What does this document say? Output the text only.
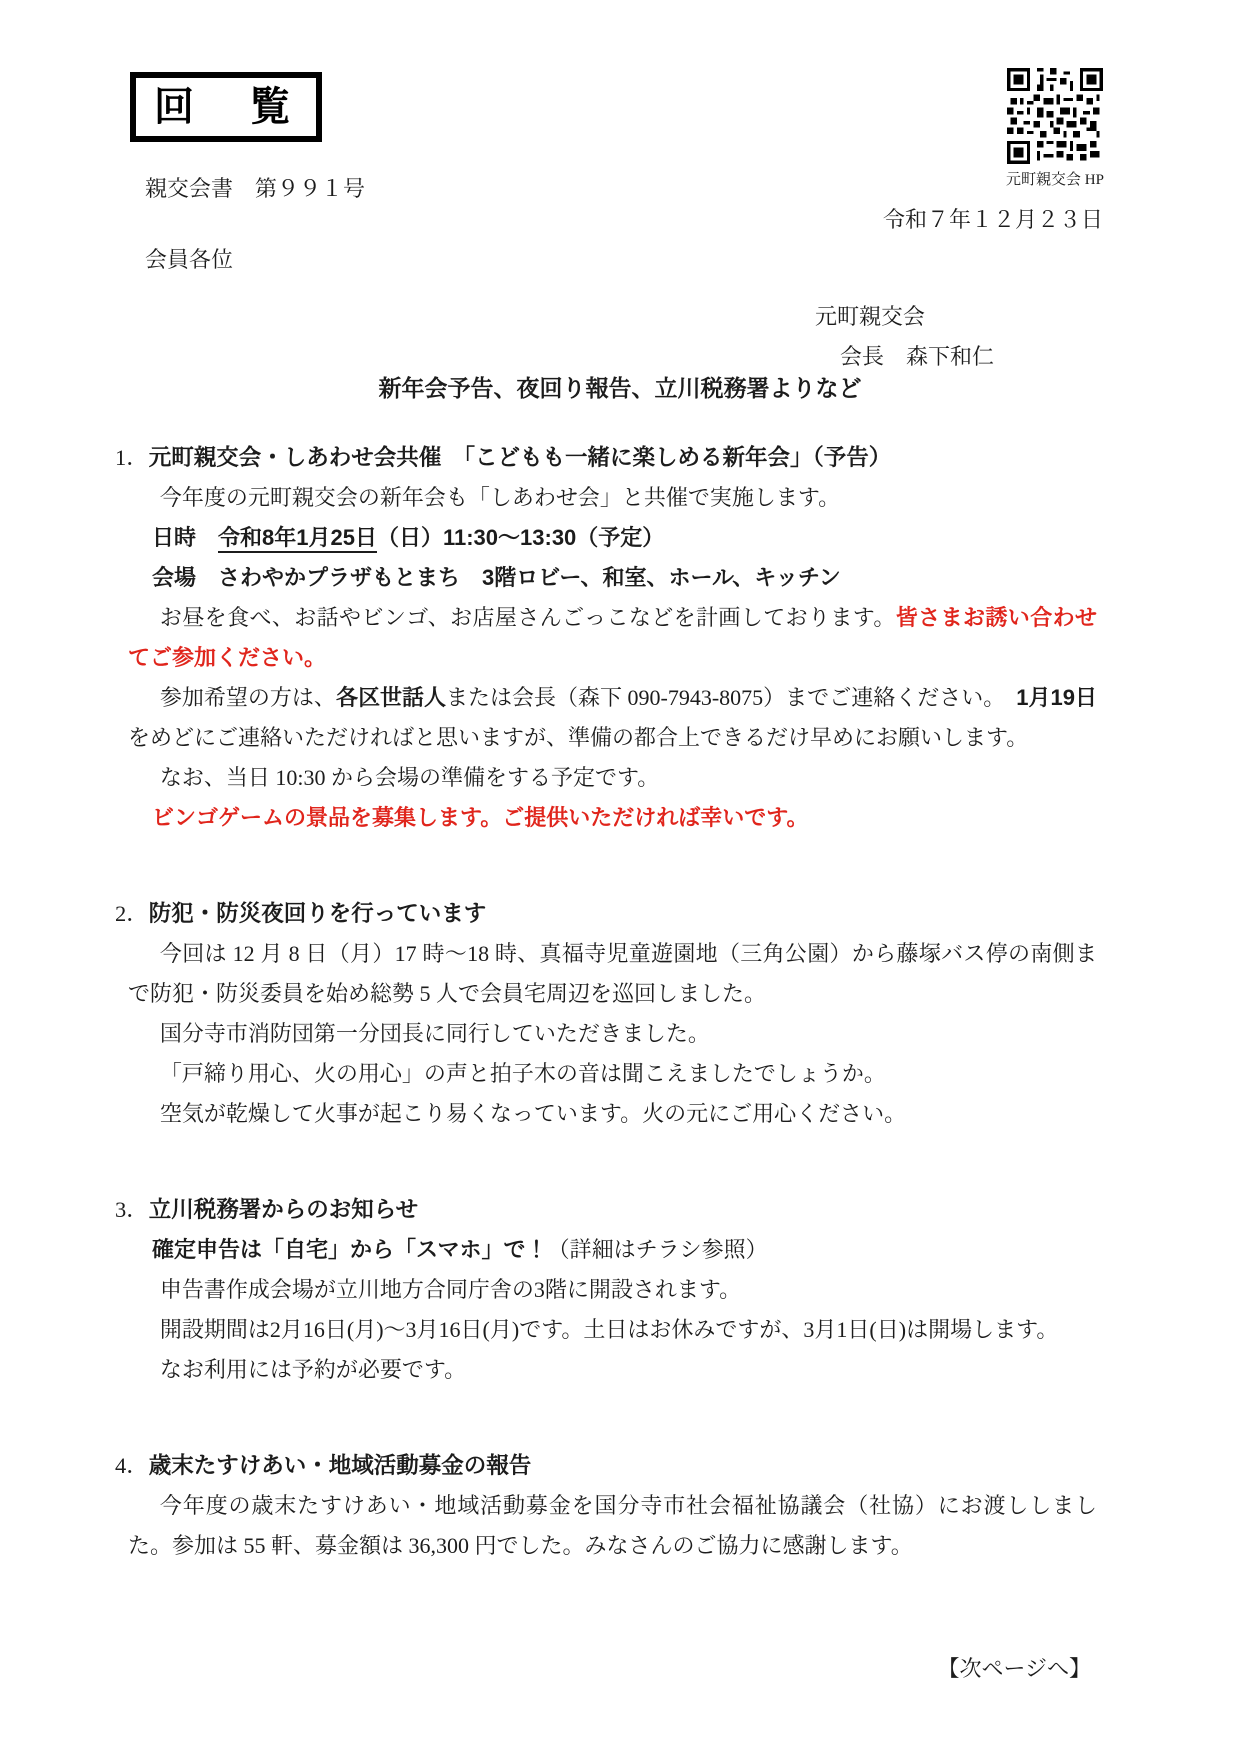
回　覧
元町親交会 HP
親交会書　第９９１号
令和７年１２月２３日
会員各位
元町親交会
会長　森下和仁
新年会予告、夜回り報告、立川税務署よりなど
1．元町親交会・しあわせ会共催　「こどもも一緒に楽しめる新年会」（予告）
今年度の元町親交会の新年会も「しあわせ会」と共催で実施します。
日時　令和8年1月25日（日）11:30～13:30（予定）
会場　さわやかプラザもとまち　3階ロビー、和室、ホール、キッチン
お昼を食べ、お話やビンゴ、お店屋さんごっこなどを計画しております。皆さまお誘い合わせてご参加ください。
参加希望の方は、各区世話人または会長（森下 090-7943-8075）までご連絡ください。　1月19日をめどにご連絡いただければと思いますが、準備の都合上できるだけ早めにお願いします。
なお、当日 10:30 から会場の準備をする予定です。
ビンゴゲームの景品を募集します。ご提供いただければ幸いです。
2．防犯・防災夜回りを行っています
今回は 12 月 8 日（月）17 時～18 時、真福寺児童遊園地（三角公園）から藤塚バス停の南側まで防犯・防災委員を始め総勢 5 人で会員宅周辺を巡回しました。
国分寺市消防団第一分団長に同行していただきました。
「戸締り用心、火の用心」の声と拍子木の音は聞こえましたでしょうか。
空気が乾燥して火事が起こり易くなっています。火の元にご用心ください。
3．立川税務署からのお知らせ
確定申告は「自宅」から「スマホ」で！（詳細はチラシ参照）
申告書作成会場が立川地方合同庁舎の3階に開設されます。
開設期間は2月16日(月)～3月16日(月)です。土日はお休みですが、3月1日(日)は開場します。
なお利用には予約が必要です。
4．歳末たすけあい・地域活動募金の報告
今年度の歳末たすけあい・地域活動募金を国分寺市社会福祉協議会（社協）にお渡ししました。参加は 55 軒、募金額は 36,300 円でした。みなさんのご協力に感謝します。
【次ページへ】
